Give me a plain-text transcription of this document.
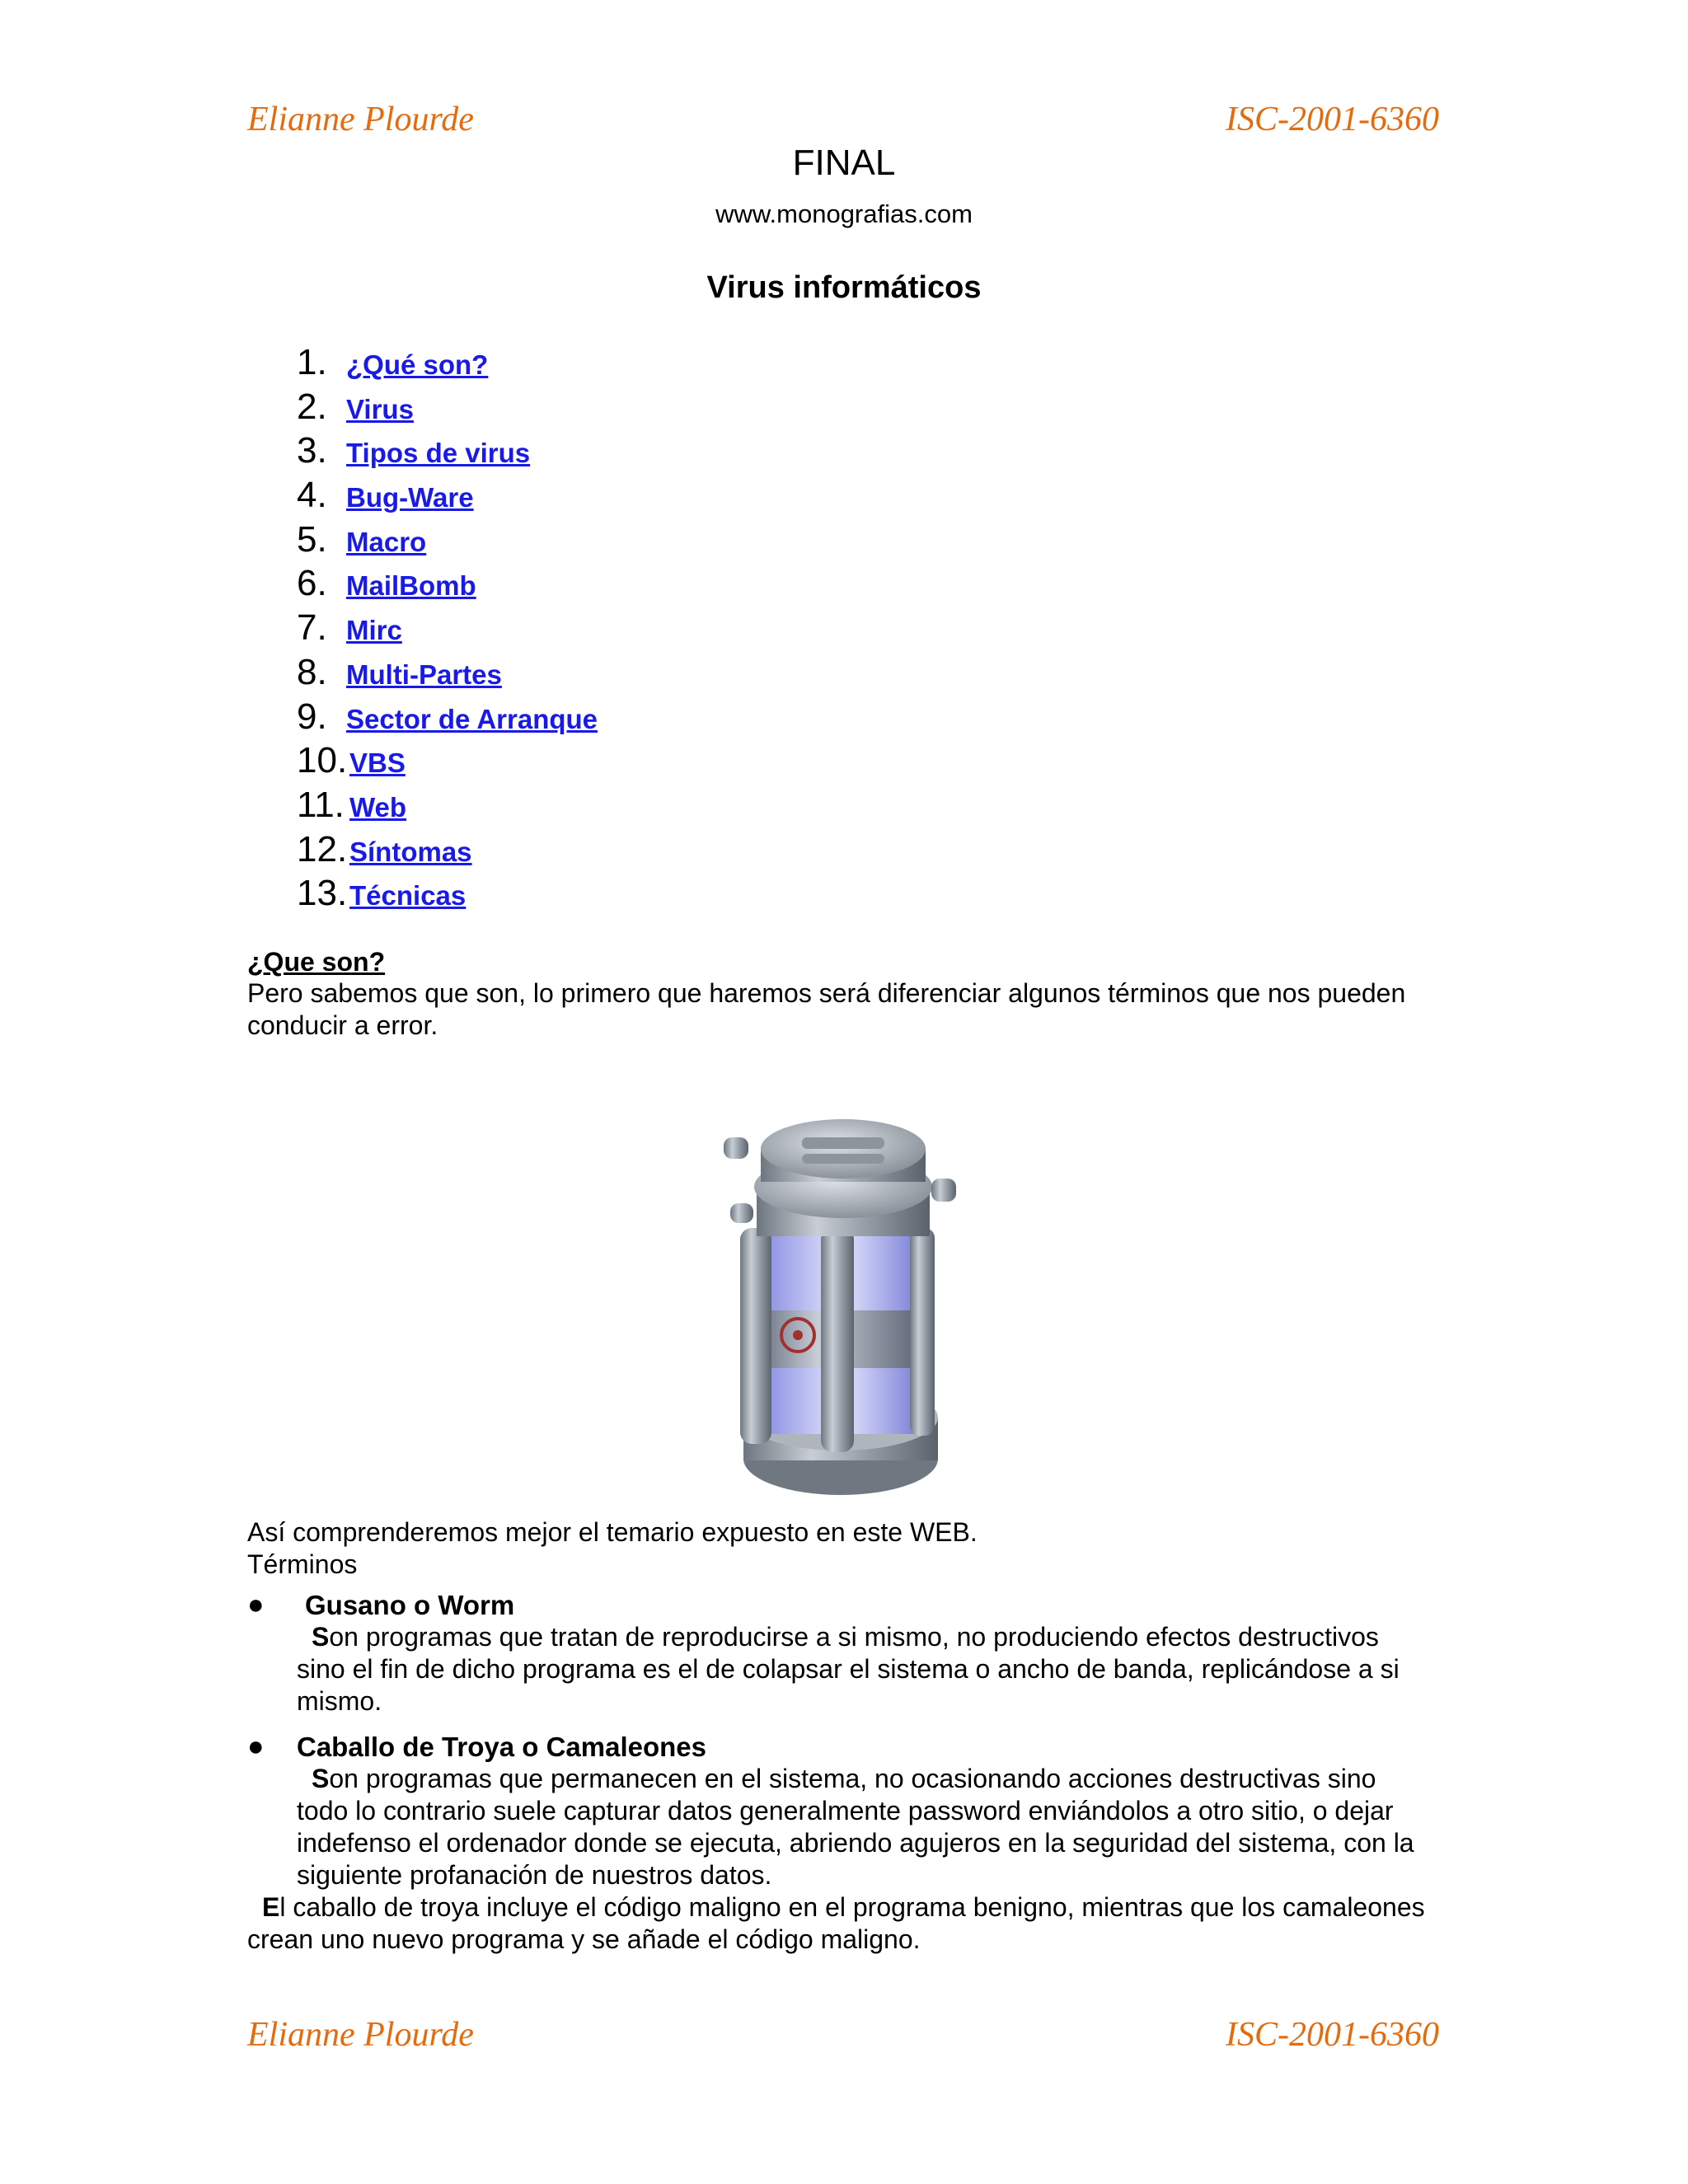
Elianne Plourde	ISC-2001-6360
FINAL
www.monografias.com
Virus informáticos
1. ¿Qué son?
2. Virus
3. Tipos de virus
4. Bug-Ware
5. Macro
6. MailBomb
7. Mirc
8. Multi-Partes
9. Sector de Arranque
10. VBS
11. Web
12. Síntomas
13. Técnicas
¿Que son?
Pero sabemos que son, lo primero que haremos será diferenciar algunos términos que nos pueden conducir a error.
Así comprenderemos mejor el temario expuesto en este WEB.
Términos
● Gusano o Worm
Son programas que tratan de reproducirse a si mismo, no produciendo efectos destructivos sino el fin de dicho programa es el de colapsar el sistema o ancho de banda, replicándose a si mismo.
● Caballo de Troya o Camaleones
Son programas que permanecen en el sistema, no ocasionando acciones destructivas sino todo lo contrario suele capturar datos generalmente password enviándolos a otro sitio, o dejar indefenso el ordenador donde se ejecuta, abriendo agujeros en la seguridad del sistema, con la siguiente profanación de nuestros datos.
El caballo de troya incluye el código maligno en el programa benigno, mientras que los camaleones crean uno nuevo programa y se añade el código maligno.
Elianne Plourde	ISC-2001-6360
